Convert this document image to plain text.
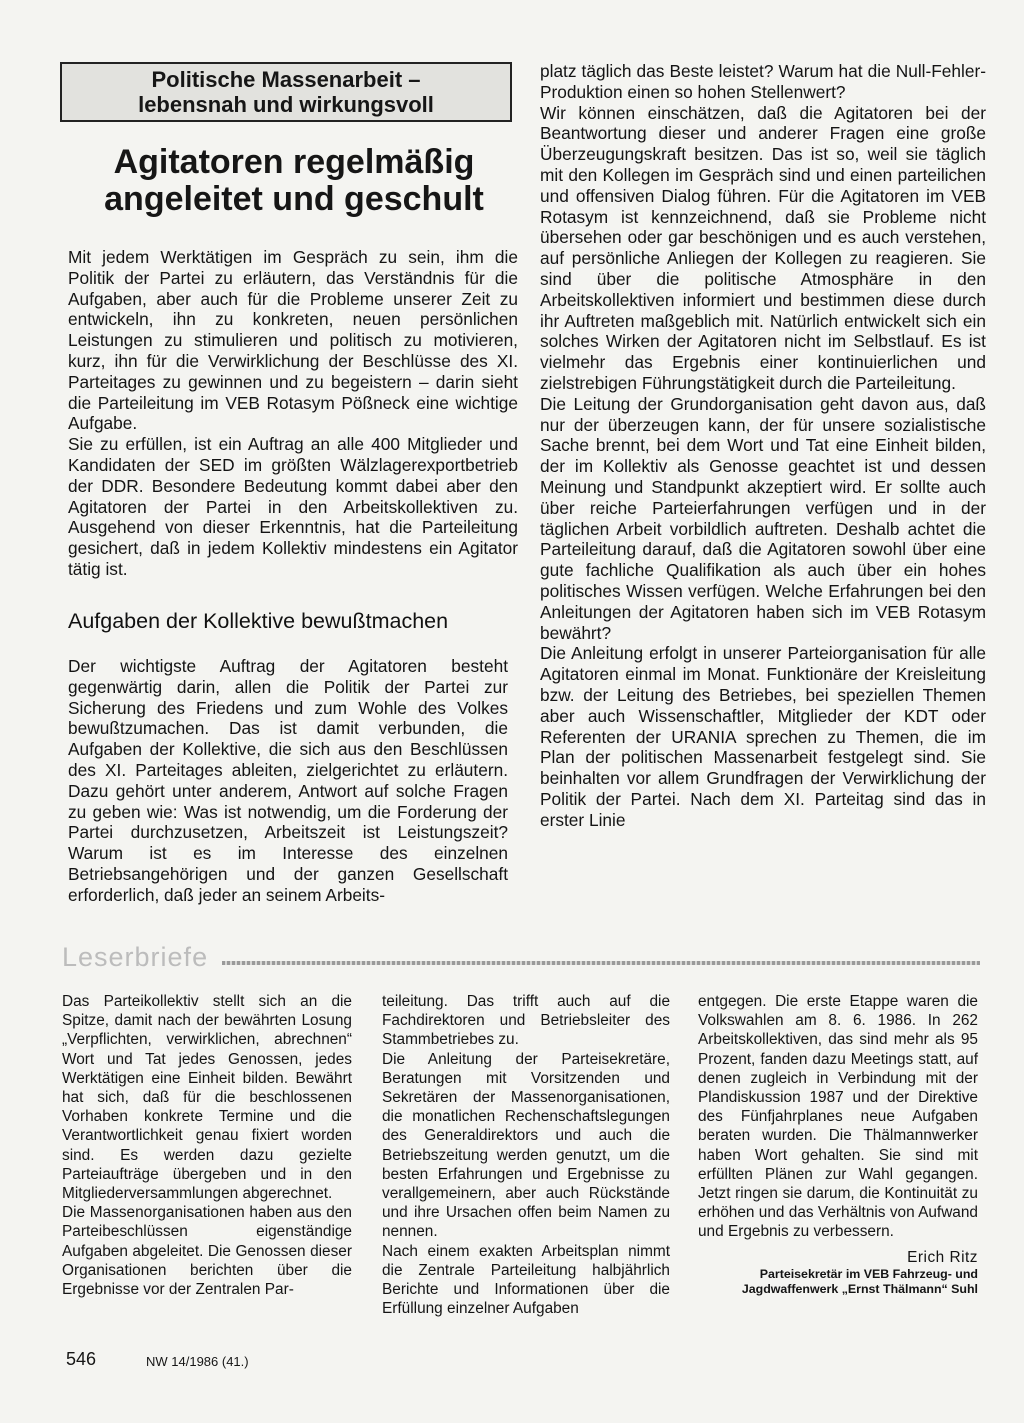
Politische Massenarbeit –
lebensnah und wirkungsvoll
Agitatoren regelmäßig
angeleitet und geschult

Mit jedem Werktätigen im Gespräch zu sein, ihm die Politik der Partei zu erläutern, das Verständnis für die Aufgaben, aber auch für die Probleme unserer Zeit zu entwickeln, ihn zu konkreten, neuen persönlichen Leistungen zu stimulieren und politisch zu motivieren, kurz, ihn für die Verwirklichung der Beschlüsse des XI. Parteitages zu gewinnen und zu begeistern – darin sieht die Parteileitung im VEB Rotasym Pößneck eine wichtige Aufgabe.

Sie zu erfüllen, ist ein Auftrag an alle 400 Mitglieder und Kandidaten der SED im größten Wälzlagerexportbetrieb der DDR. Besondere Bedeutung kommt dabei aber den Agitatoren der Partei in den Arbeitskollektiven zu. Ausgehend von dieser Erkenntnis, hat die Parteileitung gesichert, daß in jedem Kollektiv mindestens ein Agitator tätig ist.

Aufgaben der Kollektive bewußtmachen

Der wichtigste Auftrag der Agitatoren besteht gegenwärtig darin, allen die Politik der Partei zur Sicherung des Friedens und zum Wohle des Volkes bewußtzumachen. Das ist damit verbunden, die Aufgaben der Kollektive, die sich aus den Beschlüssen des XI. Parteitages ableiten, zielgerichtet zu erläutern. Dazu gehört unter anderem, Antwort auf solche Fragen zu geben wie: Was ist notwendig, um die Forderung der Partei durchzusetzen, Arbeitszeit ist Leistungszeit? Warum ist es im Interesse des einzelnen Betriebsangehörigen und der ganzen Gesellschaft erforderlich, daß jeder an seinem Arbeits-

platz täglich das Beste leistet? Warum hat die Null-Fehler-Produktion einen so hohen Stellenwert?

Wir können einschätzen, daß die Agitatoren bei der Beantwortung dieser und anderer Fragen eine große Überzeugungskraft besitzen. Das ist so, weil sie täglich mit den Kollegen im Gespräch sind und einen parteilichen und offensiven Dialog führen. Für die Agitatoren im VEB Rotasym ist kennzeichnend, daß sie Probleme nicht übersehen oder gar beschönigen und es auch verstehen, auf persönliche Anliegen der Kollegen zu reagieren. Sie sind über die politische Atmosphäre in den Arbeitskollektiven informiert und bestimmen diese durch ihr Auftreten maßgeblich mit. Natürlich entwickelt sich ein solches Wirken der Agitatoren nicht im Selbstlauf. Es ist vielmehr das Ergebnis einer kontinuierlichen und zielstrebigen Führungstätigkeit durch die Parteileitung.

Die Leitung der Grundorganisation geht davon aus, daß nur der überzeugen kann, der für unsere sozialistische Sache brennt, bei dem Wort und Tat eine Einheit bilden, der im Kollektiv als Genosse geachtet ist und dessen Meinung und Standpunkt akzeptiert wird. Er sollte auch über reiche Parteierfahrungen verfügen und in der täglichen Arbeit vorbildlich auftreten. Deshalb achtet die Parteileitung darauf, daß die Agitatoren sowohl über eine gute fachliche Qualifikation als auch über ein hohes politisches Wissen verfügen. Welche Erfahrungen bei den Anleitungen der Agitatoren haben sich im VEB Rotasym bewährt?

Die Anleitung erfolgt in unserer Parteiorganisation für alle Agitatoren einmal im Monat. Funktionäre der Kreisleitung bzw. der Leitung des Betriebes, bei speziellen Themen aber auch Wissenschaftler, Mitglieder der KDT oder Referenten der URANIA sprechen zu Themen, die im Plan der politischen Massenarbeit festgelegt sind. Sie beinhalten vor allem Grundfragen der Verwirklichung der Politik der Partei. Nach dem XI. Parteitag sind das in erster Linie

Leserbriefe

Das Parteikollektiv stellt sich an die Spitze, damit nach der bewährten Losung „Verpflichten, verwirklichen, abrechnen“ Wort und Tat jedes Genossen, jedes Werktätigen eine Einheit bilden. Bewährt hat sich, daß für die beschlossenen Vorhaben konkrete Termine und die Verantwortlichkeit genau fixiert worden sind. Es werden dazu gezielte Parteiaufträge übergeben und in den Mitgliederversammlungen abgerechnet.

Die Massenorganisationen haben aus den Parteibeschlüssen eigenständige Aufgaben abgeleitet. Die Genossen dieser Organisationen berichten über die Ergebnisse vor der Zentralen Par-

teileitung. Das trifft auch auf die Fachdirektoren und Betriebsleiter des Stammbetriebes zu.

Die Anleitung der Parteisekretäre, Beratungen mit Vorsitzenden und Sekretären der Massenorganisationen, die monatlichen Rechenschaftslegungen des Generaldirektors und auch die Betriebszeitung werden genutzt, um die besten Erfahrungen und Ergebnisse zu verallgemeinern, aber auch Rückstände und ihre Ursachen offen beim Namen zu nennen.

Nach einem exakten Arbeitsplan nimmt die Zentrale Parteileitung halbjährlich Berichte und Informationen über die Erfüllung einzelner Aufgaben

entgegen. Die erste Etappe waren die Volkswahlen am 8. 6. 1986. In 262 Arbeitskollektiven, das sind mehr als 95 Prozent, fanden dazu Meetings statt, auf denen zugleich in Verbindung mit der Plandiskussion 1987 und der Direktive des Fünfjahrplanes neue Aufgaben beraten wurden. Die Thälmannwerker haben Wort gehalten. Sie sind mit erfüllten Plänen zur Wahl gegangen. Jetzt ringen sie darum, die Kontinuität zu erhöhen und das Verhältnis von Aufwand und Ergebnis zu verbessern.

Erich Ritz

Parteisekretär im VEB Fahrzeug- und

Jagdwaffenwerk „Ernst Thälmann“ Suhl

546	NW 14/1986 (41.)
